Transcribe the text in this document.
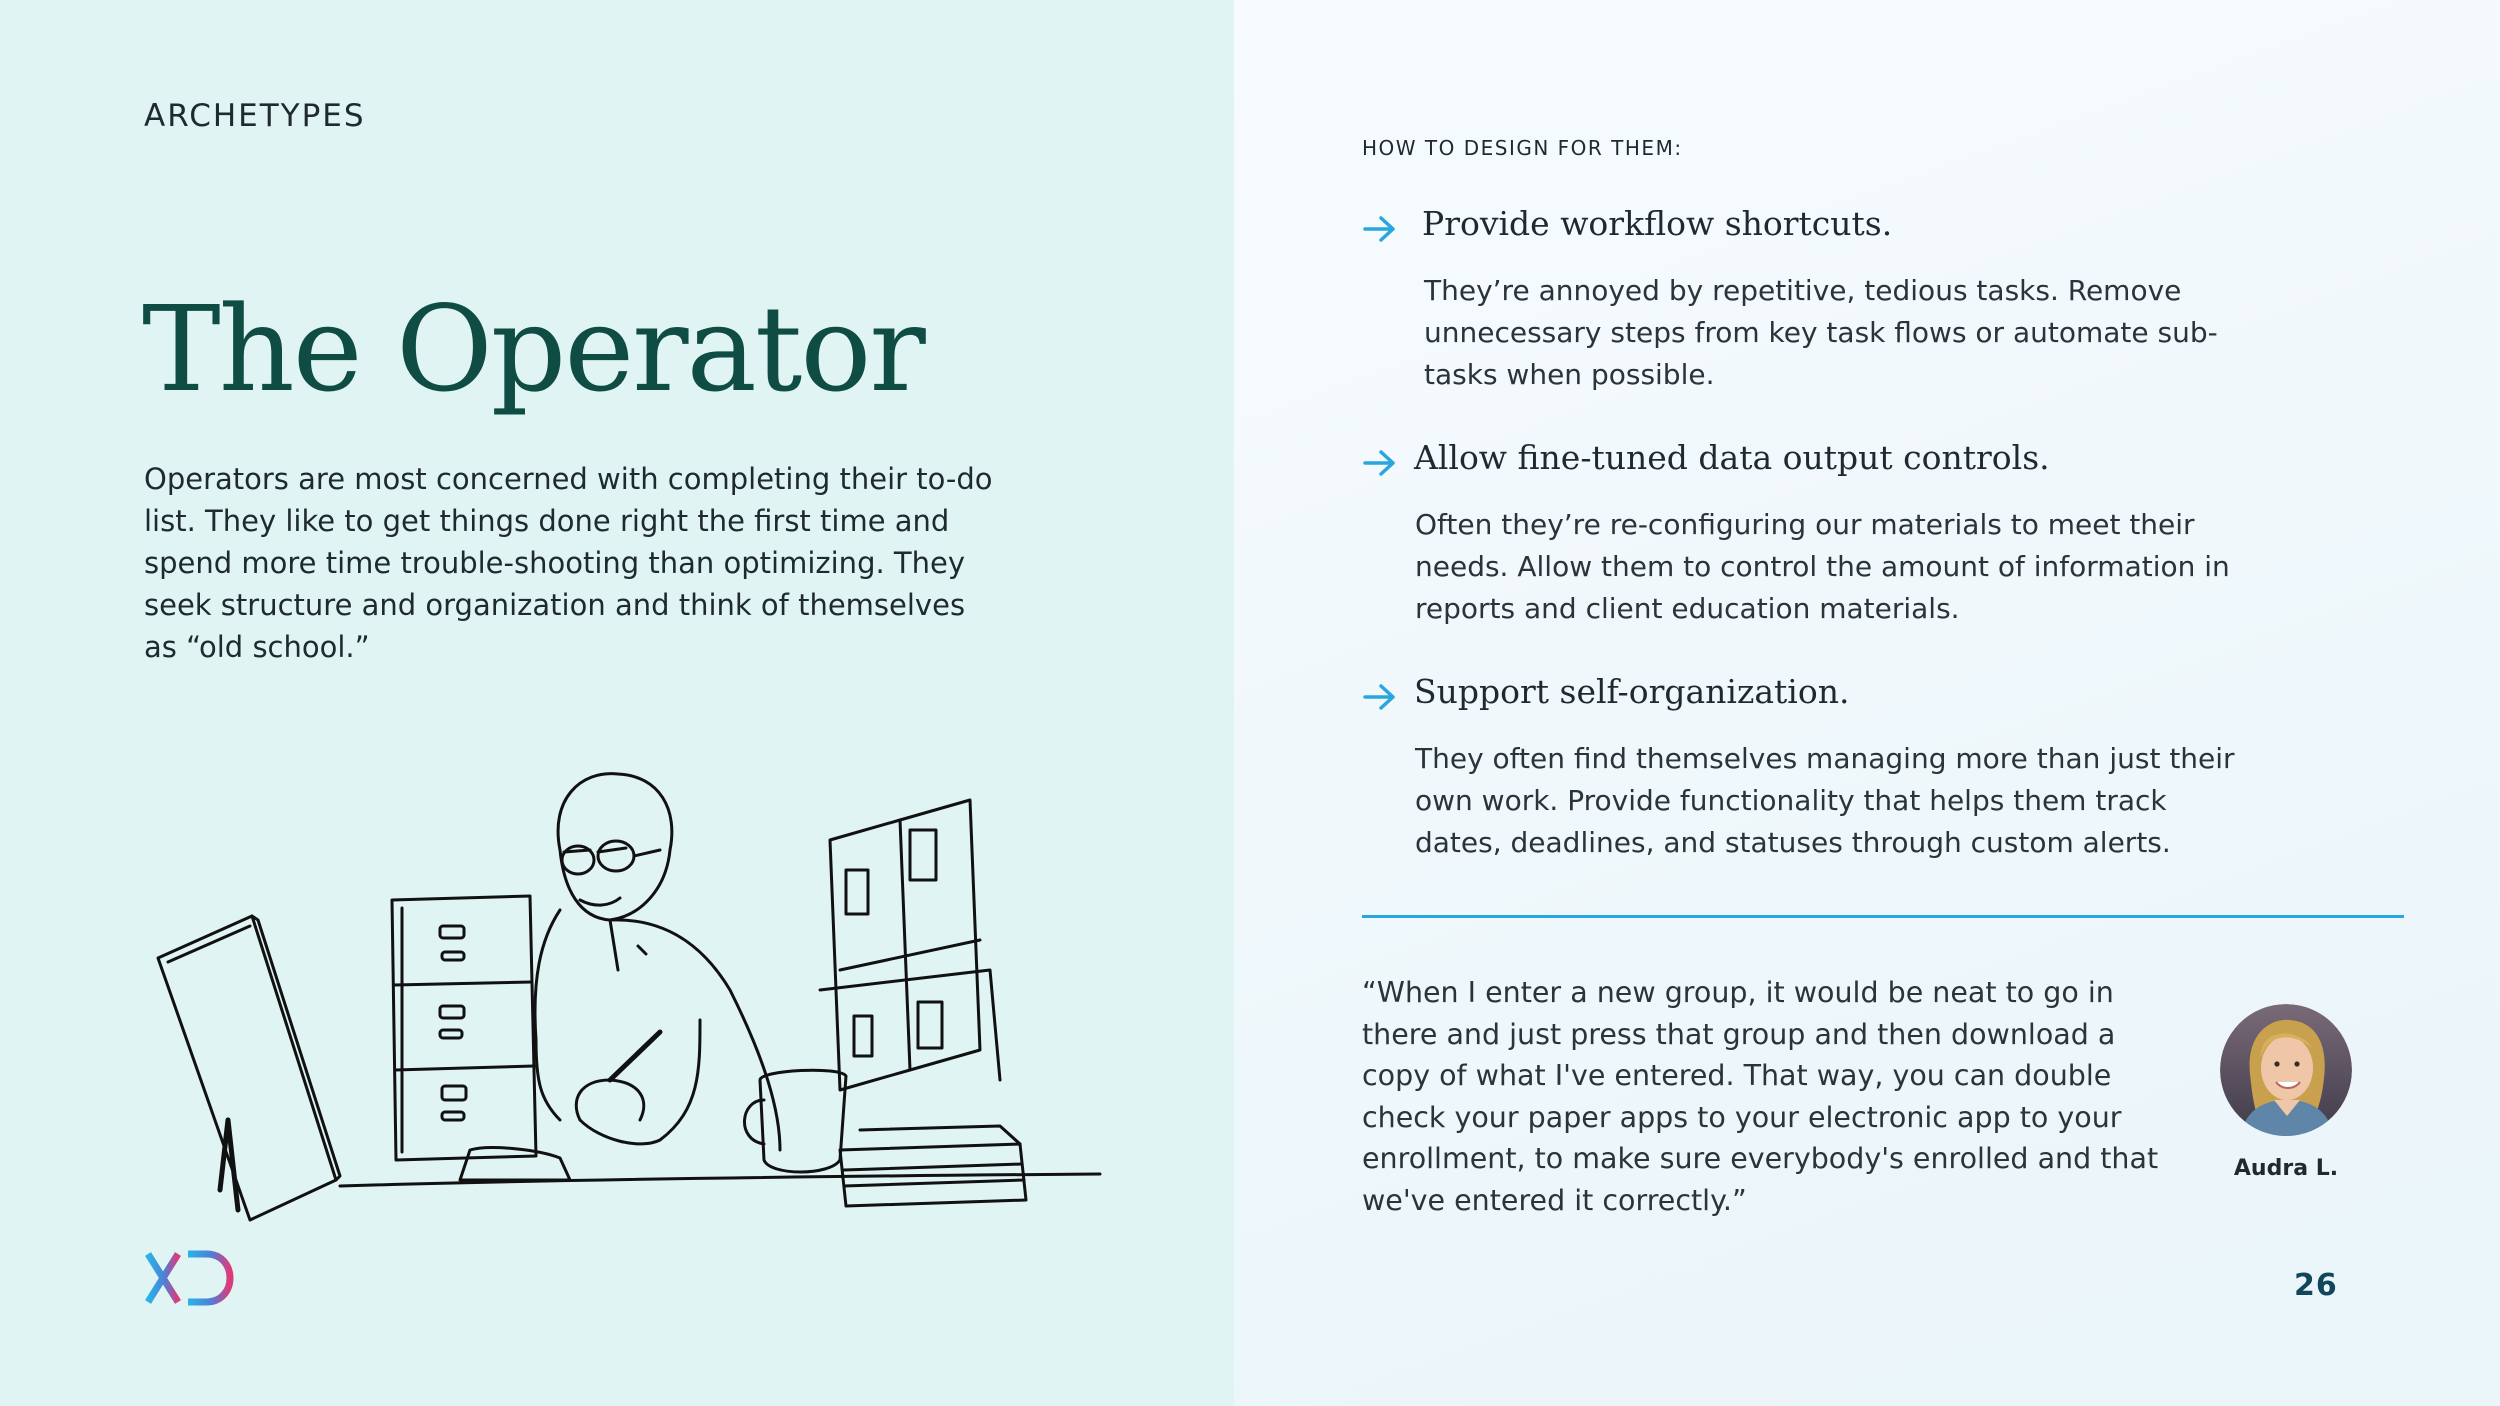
ARCHETYPES
The Operator
Operators are most concerned with completing their to-do list. They like to get things done right the first time and spend more time trouble-shooting than optimizing. They seek structure and organization and think of themselves as “old school.”
HOW TO DESIGN FOR THEM:
Provide workflow shortcuts.
They’re annoyed by repetitive, tedious tasks. Remove unnecessary steps from key task flows or automate sub-tasks when possible.
Allow fine-tuned data output controls.
Often they’re re-configuring our materials to meet their needs. Allow them to control the amount of information in reports and client education materials.
Support self-organization.
They often find themselves managing more than just their own work. Provide functionality that helps them track dates, deadlines, and statuses through custom alerts.
“When I enter a new group, it would be neat to go in there and just press that group and then download a copy of what I've entered. That way, you can double check your paper apps to your electronic app to your enrollment, to make sure everybody's enrolled and that we've entered it correctly.”
Audra L.
26
